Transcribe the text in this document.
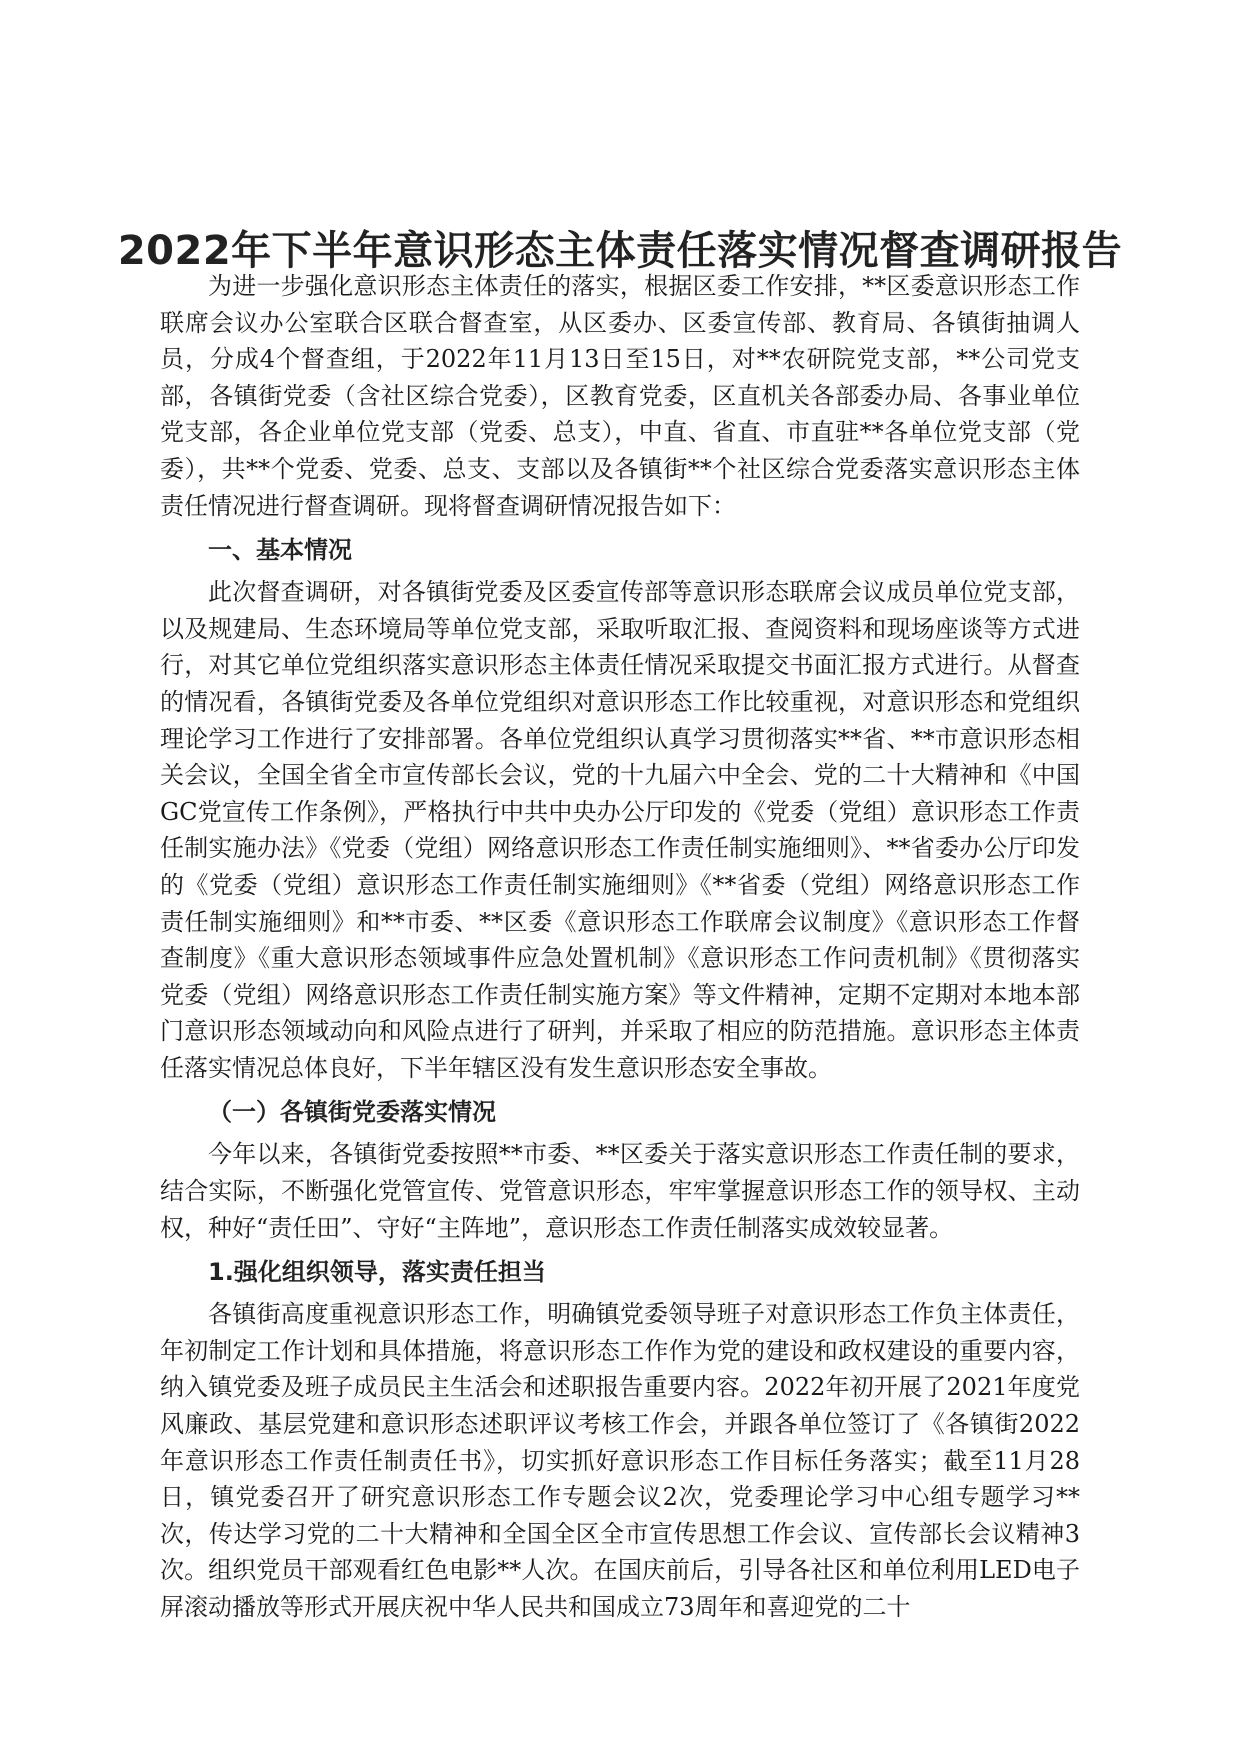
2022年下半年意识形态主体责任落实情况督查调研报告

为进一步强化意识形态主体责任的落实，根据区委工作安排，**区委意识形态工作联席会议办公室联合区联合督查室，从区委办、区委宣传部、教育局、各镇街抽调人员，分成4个督查组，于2022年11月13日至15日，对**农研院党支部，**公司党支部，各镇街党委（含社区综合党委），区教育党委，区直机关各部委办局、各事业单位党支部，各企业单位党支部（党委、总支），中直、省直、市直驻**各单位党支部（党委），共**个党委、党委、总支、支部以及各镇街**个社区综合党委落实意识形态主体责任情况进行督查调研。现将督查调研情况报告如下：

一、基本情况

此次督查调研，对各镇街党委及区委宣传部等意识形态联席会议成员单位党支部，以及规建局、生态环境局等单位党支部，采取听取汇报、查阅资料和现场座谈等方式进行，对其它单位党组织落实意识形态主体责任情况采取提交书面汇报方式进行。从督查的情况看，各镇街党委及各单位党组织对意识形态工作比较重视，对意识形态和党组织理论学习工作进行了安排部署。各单位党组织认真学习贯彻落实**省、**市意识形态相关会议，全国全省全市宣传部长会议，党的十九届六中全会、党的二十大精神和《中国GC党宣传工作条例》，严格执行中共中央办公厅印发的《党委（党组）意识形态工作责任制实施办法》《党委（党组）网络意识形态工作责任制实施细则》、**省委办公厅印发的《党委（党组）意识形态工作责任制实施细则》《**省委（党组）网络意识形态工作责任制实施细则》和**市委、**区委《意识形态工作联席会议制度》《意识形态工作督查制度》《重大意识形态领域事件应急处置机制》《意识形态工作问责机制》《贯彻落实党委（党组）网络意识形态工作责任制实施方案》等文件精神，定期不定期对本地本部门意识形态领域动向和风险点进行了研判，并采取了相应的防范措施。意识形态主体责任落实情况总体良好，下半年辖区没有发生意识形态安全事故。

（一）各镇街党委落实情况

今年以来，各镇街党委按照**市委、**区委关于落实意识形态工作责任制的要求，结合实际，不断强化党管宣传、党管意识形态，牢牢掌握意识形态工作的领导权、主动权，种好“责任田”、守好“主阵地”，意识形态工作责任制落实成效较显著。

1.强化组织领导，落实责任担当

各镇街高度重视意识形态工作，明确镇党委领导班子对意识形态工作负主体责任，年初制定工作计划和具体措施，将意识形态工作作为党的建设和政权建设的重要内容，纳入镇党委及班子成员民主生活会和述职报告重要内容。2022年初开展了2021年度党风廉政、基层党建和意识形态述职评议考核工作会，并跟各单位签订了《各镇街2022年意识形态工作责任制责任书》，切实抓好意识形态工作目标任务落实；截至11月28日，镇党委召开了研究意识形态工作专题会议2次，党委理论学习中心组专题学习**次，传达学习党的二十大精神和全国全区全市宣传思想工作会议、宣传部长会议精神3次。组织党员干部观看红色电影**人次。在国庆前后，引导各社区和单位利用LED电子屏滚动播放等形式开展庆祝中华人民共和国成立73周年和喜迎党的二十
